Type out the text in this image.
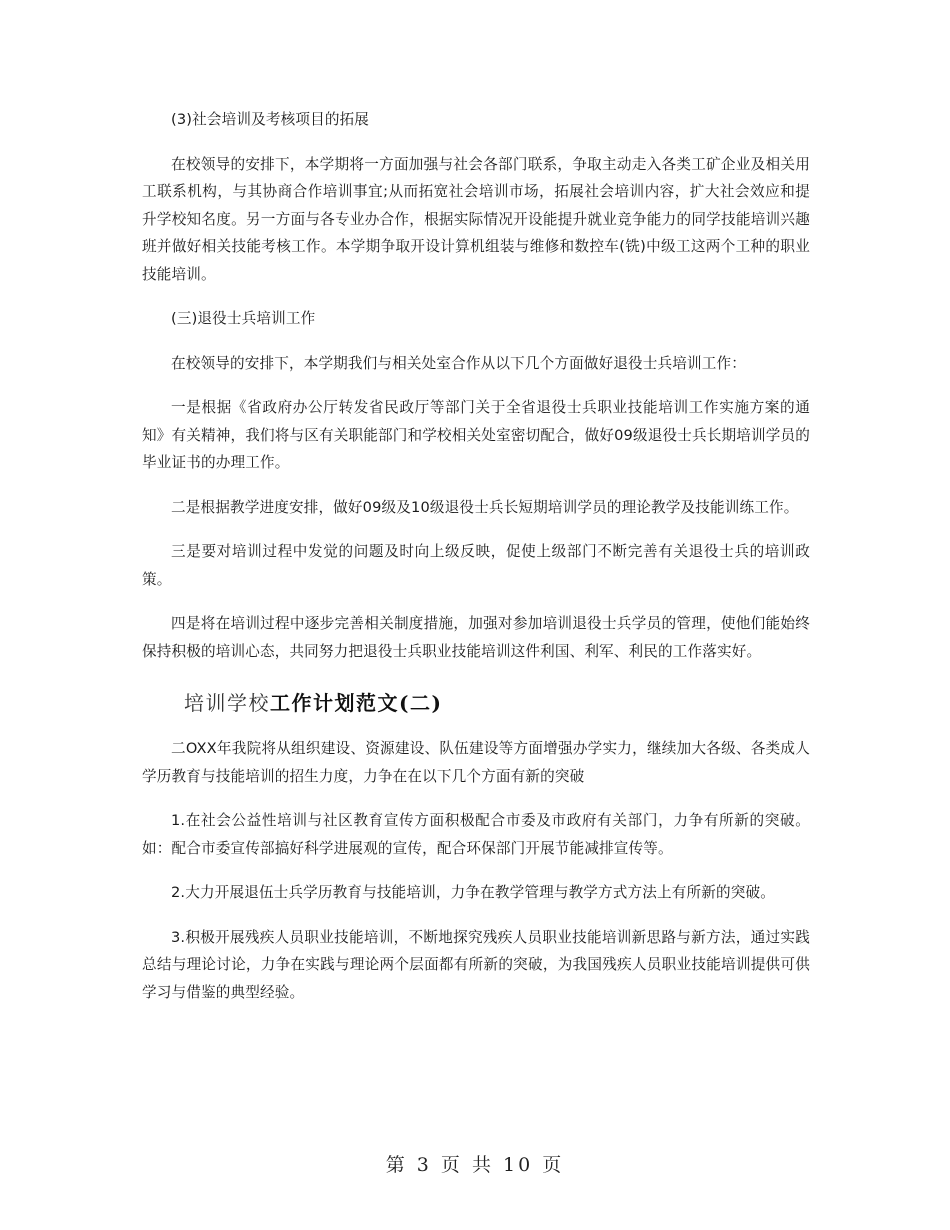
(3)社会培训及考核项目的拓展

在校领导的安排下，本学期将一方面加强与社会各部门联系，争取主动走入各类工矿企业及相关用工联系机构，与其协商合作培训事宜;从而拓宽社会培训市场，拓展社会培训内容，扩大社会效应和提升学校知名度。另一方面与各专业办合作，根据实际情况开设能提升就业竞争能力的同学技能培训兴趣班并做好相关技能考核工作。本学期争取开设计算机组装与维修和数控车(铣)中级工这两个工种的职业技能培训。

(三)退役士兵培训工作

在校领导的安排下，本学期我们与相关处室合作从以下几个方面做好退役士兵培训工作：

一是根据《省政府办公厅转发省民政厅等部门关于全省退役士兵职业技能培训工作实施方案的通知》有关精神，我们将与区有关职能部门和学校相关处室密切配合，做好09级退役士兵长期培训学员的毕业证书的办理工作。

二是根据教学进度安排，做好09级及10级退役士兵长短期培训学员的理论教学及技能训练工作。

三是要对培训过程中发觉的问题及时向上级反映，促使上级部门不断完善有关退役士兵的培训政策。

四是将在培训过程中逐步完善相关制度措施，加强对参加培训退役士兵学员的管理，使他们能始终保持积极的培训心态，共同努力把退役士兵职业技能培训这件利国、利军、利民的工作落实好。

培训学校工作计划范文(二)

二OXX年我院将从组织建设、资源建设、队伍建设等方面增强办学实力，继续加大各级、各类成人学历教育与技能培训的招生力度，力争在在以下几个方面有新的突破

1.在社会公益性培训与社区教育宣传方面积极配合市委及市政府有关部门，力争有所新的突破。如：配合市委宣传部搞好科学进展观的宣传，配合环保部门开展节能减排宣传等。

2.大力开展退伍士兵学历教育与技能培训，力争在教学管理与教学方式方法上有所新的突破。

3.积极开展残疾人员职业技能培训，不断地探究残疾人员职业技能培训新思路与新方法，通过实践总结与理论讨论，力争在实践与理论两个层面都有所新的突破，为我国残疾人员职业技能培训提供可供学习与借鉴的典型经验。

第 3 页 共 10 页
